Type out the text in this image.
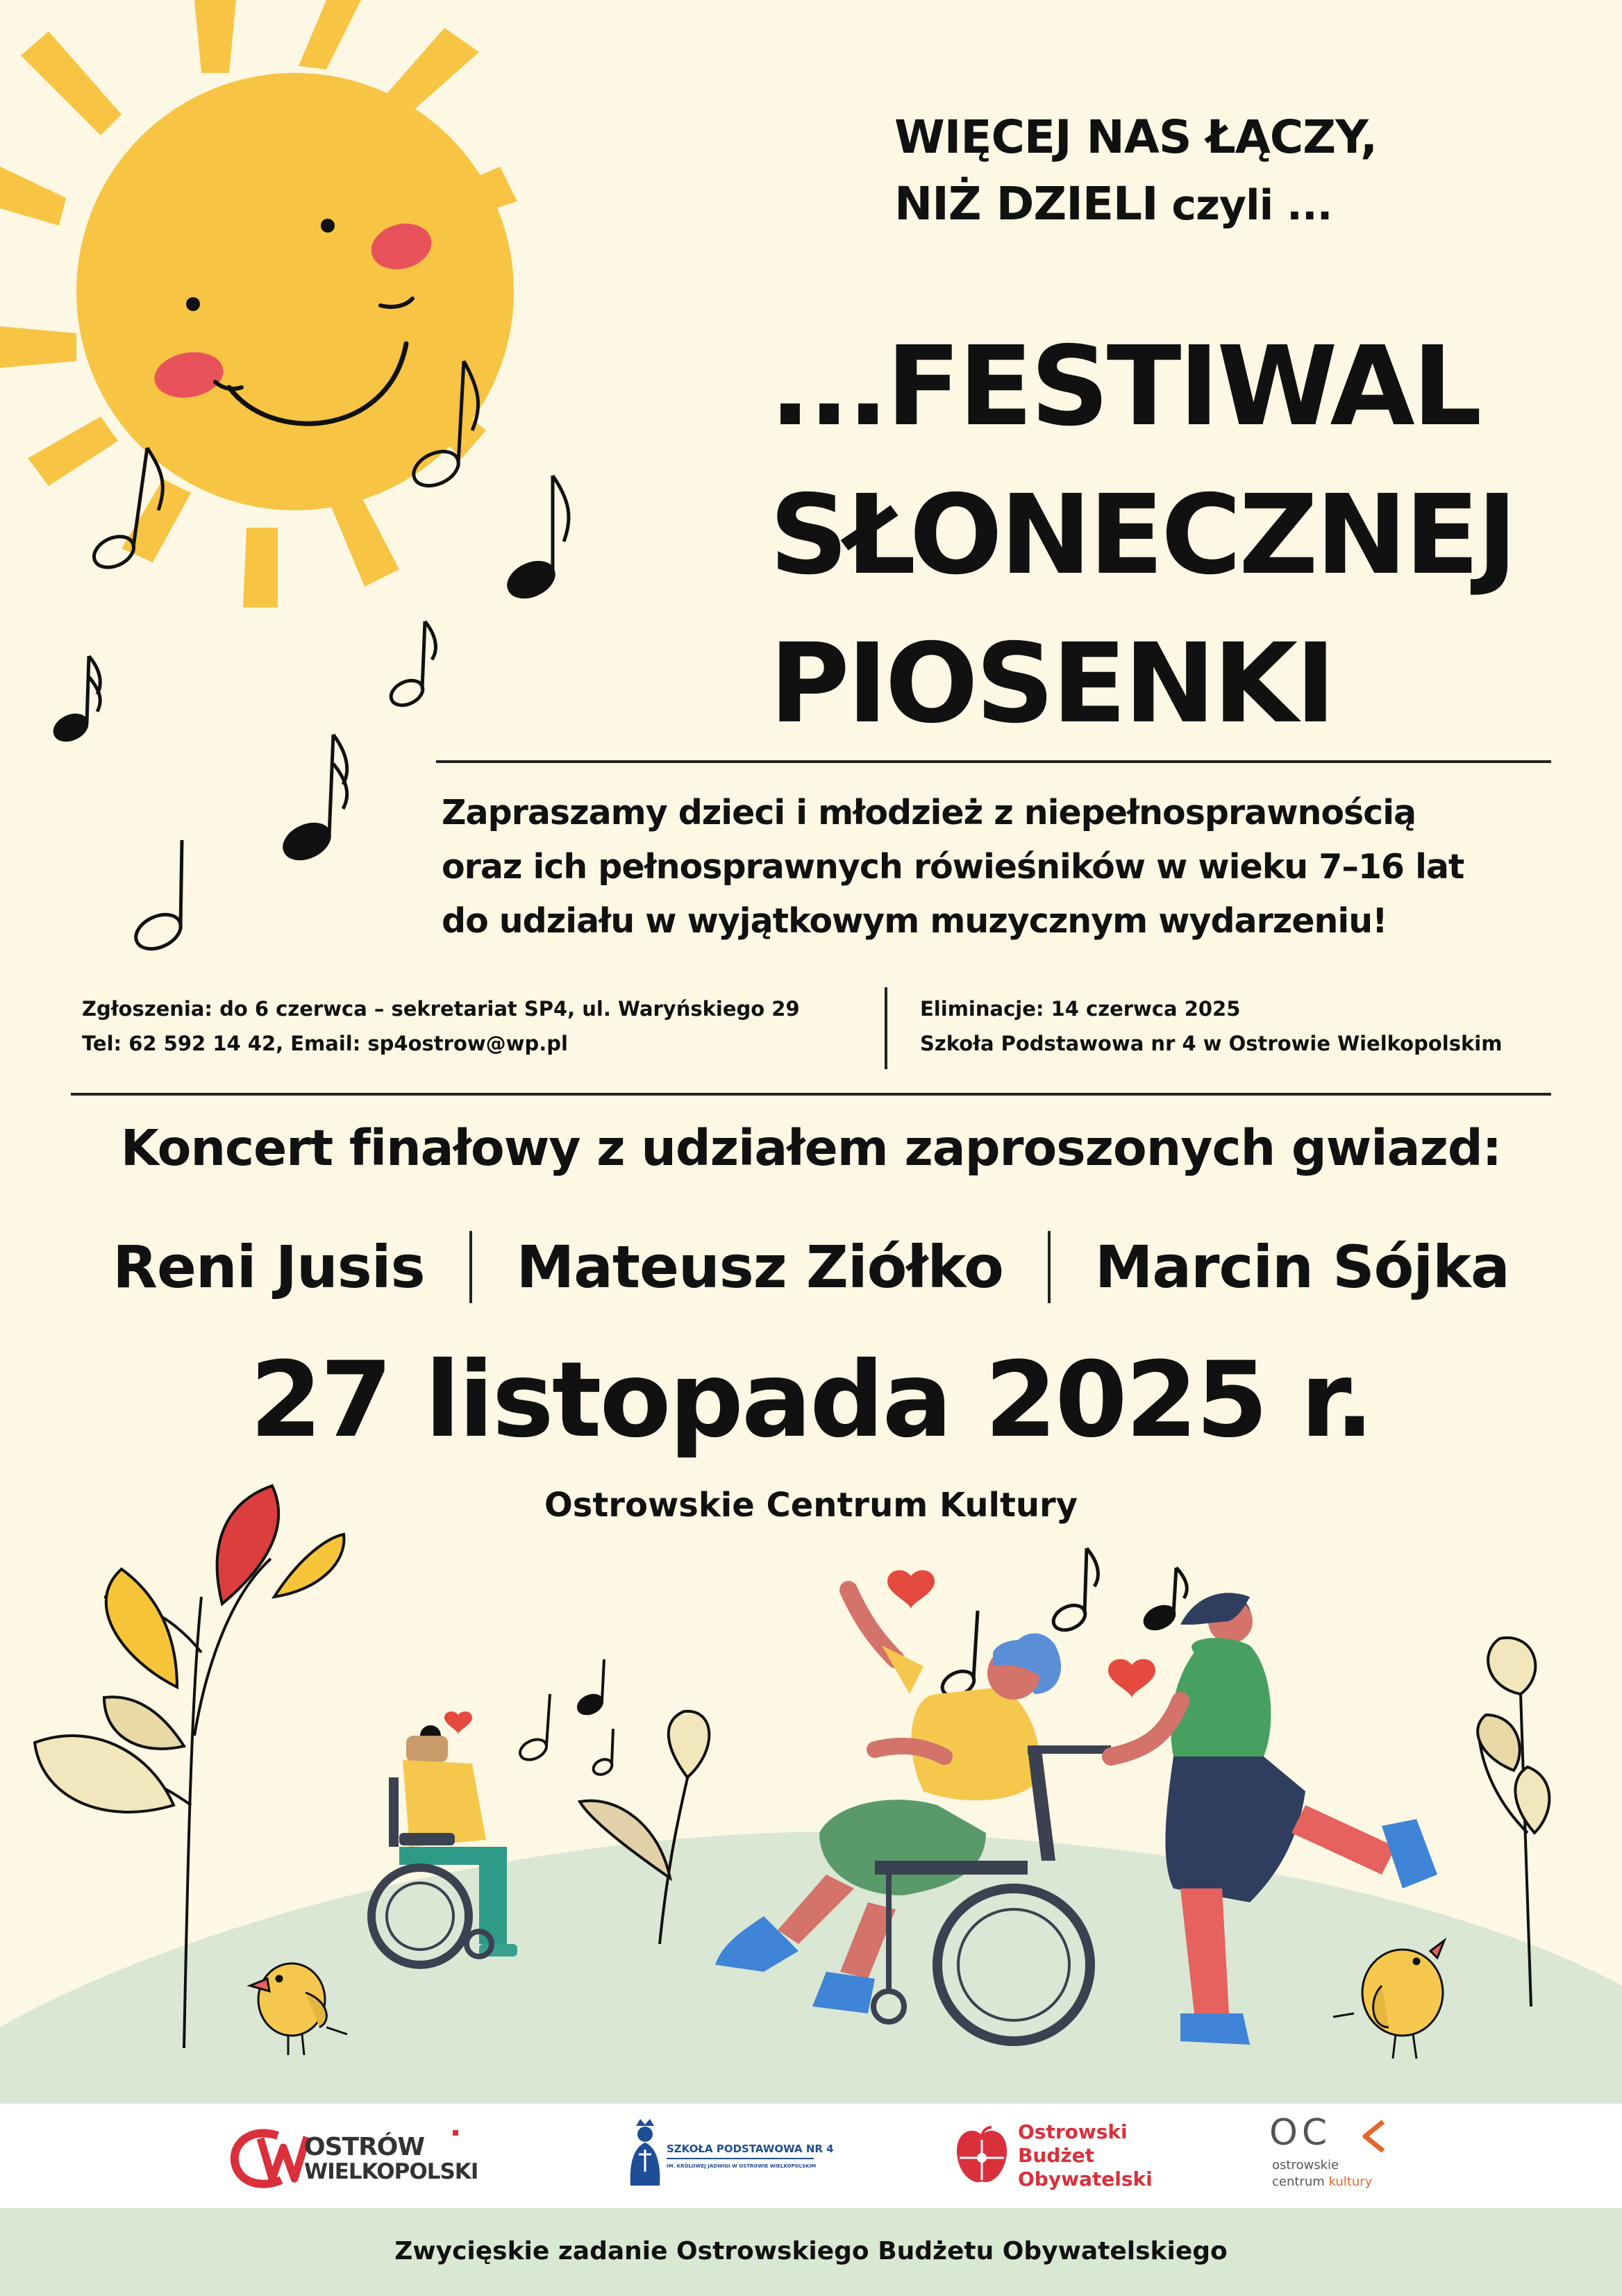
WIĘCEJ NAS ŁĄCZY,
NIŻ DZIELI czyli ...
...FESTIWAL
SŁONECZNEJ
PIOSENKI
Zapraszamy dzieci i młodzież z niepełnosprawnością
oraz ich pełnosprawnych rówieśników w wieku 7–16 lat
do udziału w wyjątkowym muzycznym wydarzeniu!
Zgłoszenia: do 6 czerwca – sekretariat SP4, ul. Waryńskiego 29
Tel: 62 592 14 42, Email: sp4ostrow@wp.pl
Eliminacje: 14 czerwca 2025
Szkoła Podstawowa nr 4 w Ostrowie Wielkopolskim
Koncert finałowy z udziałem zaproszonych gwiazd:
Reni Jusis Mateusz Ziółko Marcin Sójka
27 listopada 2025 r.
Ostrowskie Centrum Kultury
OSTRÓW
WIELKOPOLSKI
SZKOŁA PODSTAWOWA NR 4
IM. KRÓLOWEJ JADWIGI W OSTROWIE WIELKOPOLSKIM
Ostrowski
Budżet
Obywatelski
OC
ostrowskie
centrum kultury
Zwycięskie zadanie Ostrowskiego Budżetu Obywatelskiego
